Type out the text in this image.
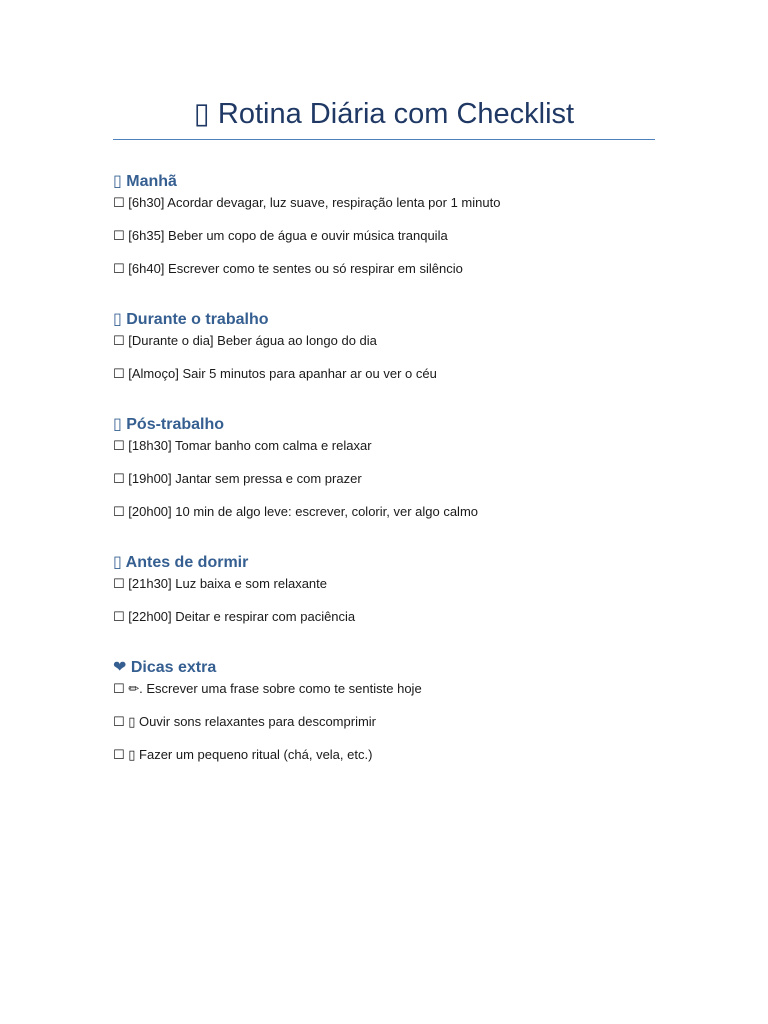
▯ Rotina Diária com Checklist
▯ Manhã
☐ [6h30] Acordar devagar, luz suave, respiração lenta por 1 minuto
☐ [6h35] Beber um copo de água e ouvir música tranquila
☐ [6h40] Escrever como te sentes ou só respirar em silêncio
▯ Durante o trabalho
☐ [Durante o dia] Beber água ao longo do dia
☐ [Almoço] Sair 5 minutos para apanhar ar ou ver o céu
▯ Pós-trabalho
☐ [18h30] Tomar banho com calma e relaxar
☐ [19h00] Jantar sem pressa e com prazer
☐ [20h00] 10 min de algo leve: escrever, colorir, ver algo calmo
▯ Antes de dormir
☐ [21h30] Luz baixa e som relaxante
☐ [22h00] Deitar e respirar com paciência
❤ Dicas extra
☐ ✏. Escrever uma frase sobre como te sentiste hoje
☐ ▯ Ouvir sons relaxantes para descomprimir
☐ ▯ Fazer um pequeno ritual (chá, vela, etc.)
